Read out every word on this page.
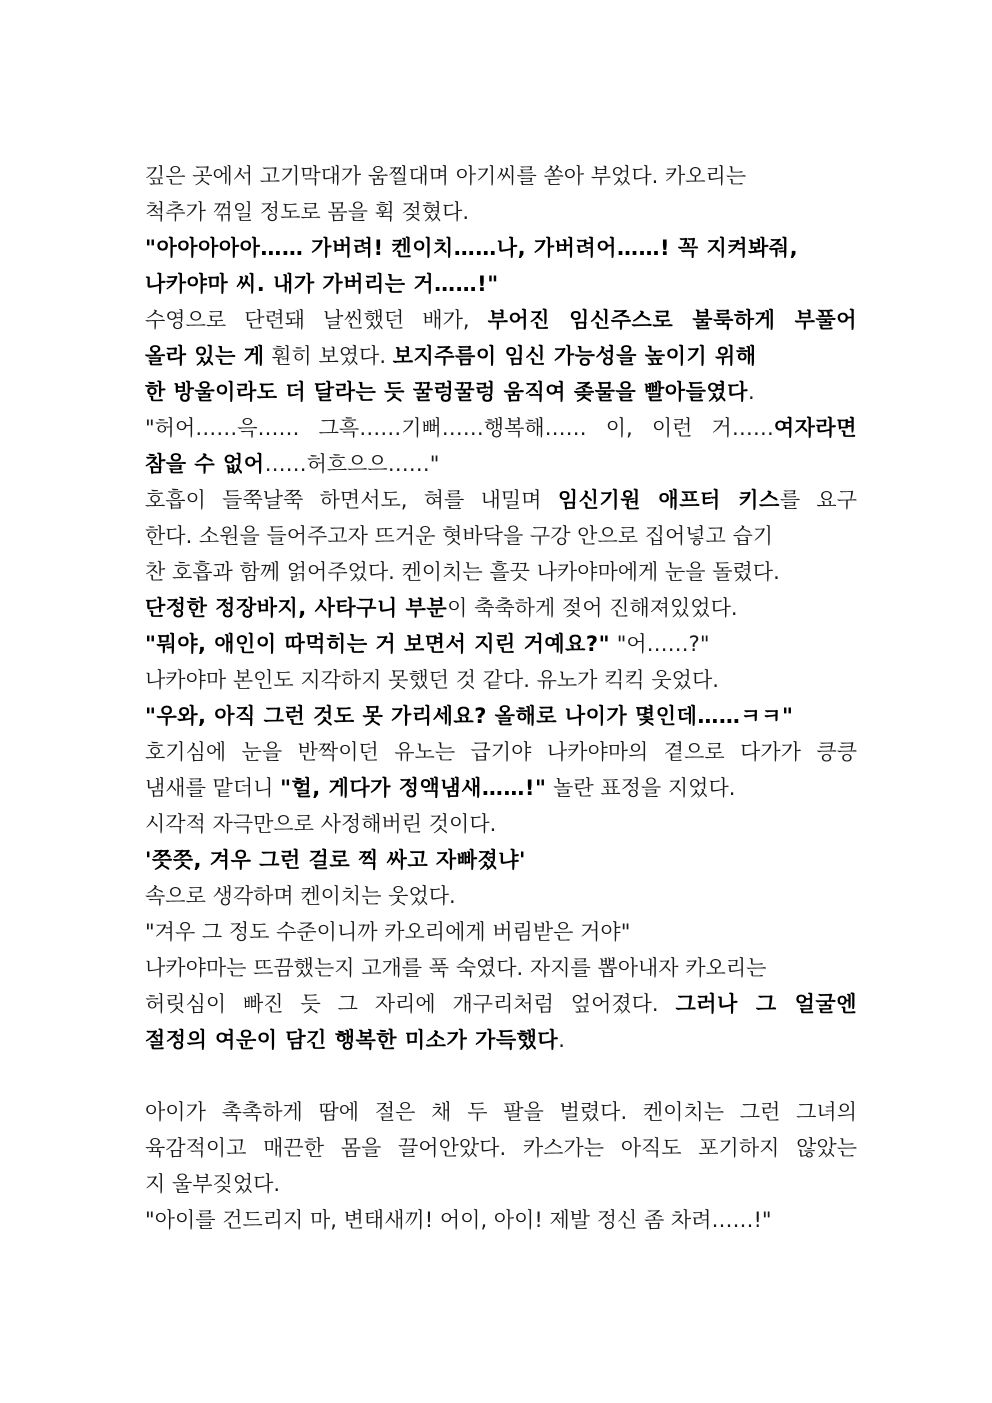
깊은 곳에서 고기막대가 움찔대며 아기씨를 쏟아 부었다. 카오리는
척추가 꺾일 정도로 몸을 휙 젖혔다.
"아아아아아…… 가버려! 켄이치……나, 가버려어……! 꼭 지켜봐줘,
나카야마 씨. 내가 가버리는 거……!"
수영으로 단련돼 날씬했던 배가, 부어진 임신주스로 불룩하게 부풀어
올라 있는 게 훤히 보였다. 보지주름이 임신 가능성을 높이기 위해
한 방울이라도 더 달라는 듯 꿀렁꿀렁 움직여 좆물을 빨아들였다.
"허어……윽…… 그흑……기뻐……행복해…… 이, 이런 거……여자라면
참을 수 없어……허흐으으……"
호흡이 들쭉날쭉 하면서도, 혀를 내밀며 임신기원 애프터 키스를 요구
한다. 소원을 들어주고자 뜨거운 혓바닥을 구강 안으로 집어넣고 습기
찬 호흡과 함께 얽어주었다. 켄이치는 흘끗 나카야마에게 눈을 돌렸다.
단정한 정장바지, 사타구니 부분이 축축하게 젖어 진해져있었다.
"뭐야, 애인이 따먹히는 거 보면서 지린 거예요?" "어……?"
나카야마 본인도 지각하지 못했던 것 같다. 유노가 킥킥 웃었다.
"우와, 아직 그런 것도 못 가리세요? 올해로 나이가 몇인데……ㅋㅋ"
호기심에 눈을 반짝이던 유노는 급기야 나카야마의 곁으로 다가가 킁킁
냄새를 맡더니 "헐, 게다가 정액냄새……!" 놀란 표정을 지었다.
시각적 자극만으로 사정해버린 것이다.
'쯧쯧, 겨우 그런 걸로 찍 싸고 자빠졌냐'
속으로 생각하며 켄이치는 웃었다.
"겨우 그 정도 수준이니까 카오리에게 버림받은 거야"
나카야마는 뜨끔했는지 고개를 푹 숙였다. 자지를 뽑아내자 카오리는
허릿심이 빠진 듯 그 자리에 개구리처럼 엎어졌다. 그러나 그 얼굴엔
절정의 여운이 담긴 행복한 미소가 가득했다.
아이가 촉촉하게 땀에 절은 채 두 팔을 벌렸다. 켄이치는 그런 그녀의
육감적이고 매끈한 몸을 끌어안았다. 카스가는 아직도 포기하지 않았는
지 울부짖었다.
"아이를 건드리지 마, 변태새끼! 어이, 아이! 제발 정신 좀 차려……!"
